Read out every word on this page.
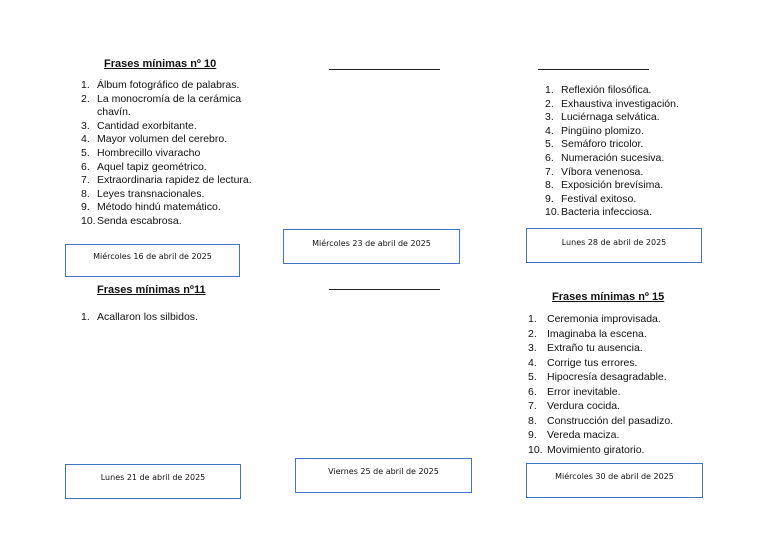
Frases mínimas nº 10
1. Álbum fotográfico de palabras.
2. La monocromía de la cerámica chavín.
3. Cantidad exorbitante.
4. Mayor volumen del cerebro.
5. Hombrecillo vivaracho
6. Aquel tapiz geométrico.
7. Extraordinaria rapidez de lectura.
8. Leyes transnacionales.
9. Método hindú matemático.
10. Senda escabrosa.
Miércoles 16 de abril de 2025
Miércoles 23 de abril de 2025
1. Reflexión filosófica.
2. Exhaustiva investigación.
3. Luciérnaga selvática.
4. Pingüino plomizo.
5. Semáforo tricolor.
6. Numeración sucesiva.
7. Víbora venenosa.
8. Exposición brevísima.
9. Festival exitoso.
10. Bacteria infecciosa.
Lunes 28 de abril de 2025
Frases mínimas nº11
1. Acallaron los silbidos.
Lunes 21 de abril de 2025
Viernes 25 de abril de 2025
Frases mínimas nº 15
1. Ceremonia improvisada.
2. Imaginaba la escena.
3. Extraño tu ausencia.
4. Corrige tus errores.
5. Hipocresía desagradable.
6. Error inevitable.
7. Verdura cocida.
8. Construcción del pasadizo.
9. Vereda maciza.
10. Movimiento giratorio.
Miércoles 30 de abril de 2025
